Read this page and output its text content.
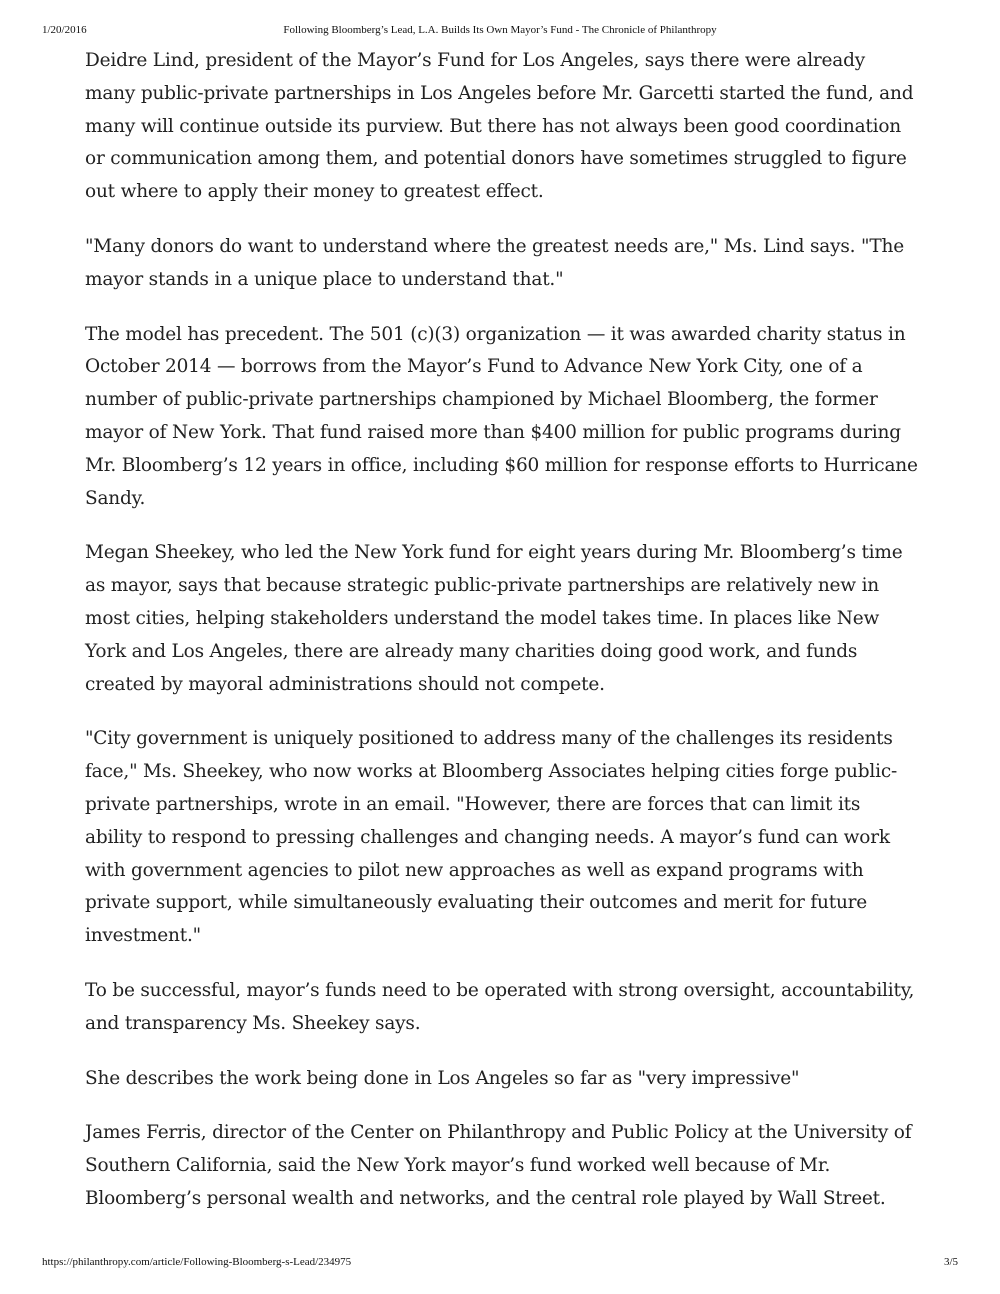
1/20/2016	Following Bloomberg’s Lead, L.A. Builds Its Own Mayor’s Fund - The Chronicle of Philanthropy

Deidre Lind, president of the Mayor’s Fund for Los Angeles, says there were already many public-private partnerships in Los Angeles before Mr. Garcetti started the fund, and many will continue outside its purview. But there has not always been good coordination or communication among them, and potential donors have sometimes struggled to figure out where to apply their money to greatest effect.

"Many donors do want to understand where the greatest needs are," Ms. Lind says. "The mayor stands in a unique place to understand that."

The model has precedent. The 501 (c)(3) organization — it was awarded charity status in October 2014 — borrows from the Mayor’s Fund to Advance New York City, one of a number of public-private partnerships championed by Michael Bloomberg, the former mayor of New York. That fund raised more than $400 million for public programs during Mr. Bloomberg’s 12 years in office, including $60 million for response efforts to Hurricane Sandy.

Megan Sheekey, who led the New York fund for eight years during Mr. Bloomberg’s time as mayor, says that because strategic public-private partnerships are relatively new in most cities, helping stakeholders understand the model takes time. In places like New York and Los Angeles, there are already many charities doing good work, and funds created by mayoral administrations should not compete.

"City government is uniquely positioned to address many of the challenges its residents face," Ms. Sheekey, who now works at Bloomberg Associates helping cities forge public-private partnerships, wrote in an email. "However, there are forces that can limit its ability to respond to pressing challenges and changing needs. A mayor’s fund can work with government agencies to pilot new approaches as well as expand programs with private support, while simultaneously evaluating their outcomes and merit for future investment."

To be successful, mayor’s funds need to be operated with strong oversight, accountability, and transparency Ms. Sheekey says.

She describes the work being done in Los Angeles so far as "very impressive"

James Ferris, director of the Center on Philanthropy and Public Policy at the University of Southern California, said the New York mayor’s fund worked well because of Mr. Bloomberg’s personal wealth and networks, and the central role played by Wall Street.

https://philanthropy.com/article/Following-Bloomberg-s-Lead/234975	3/5
